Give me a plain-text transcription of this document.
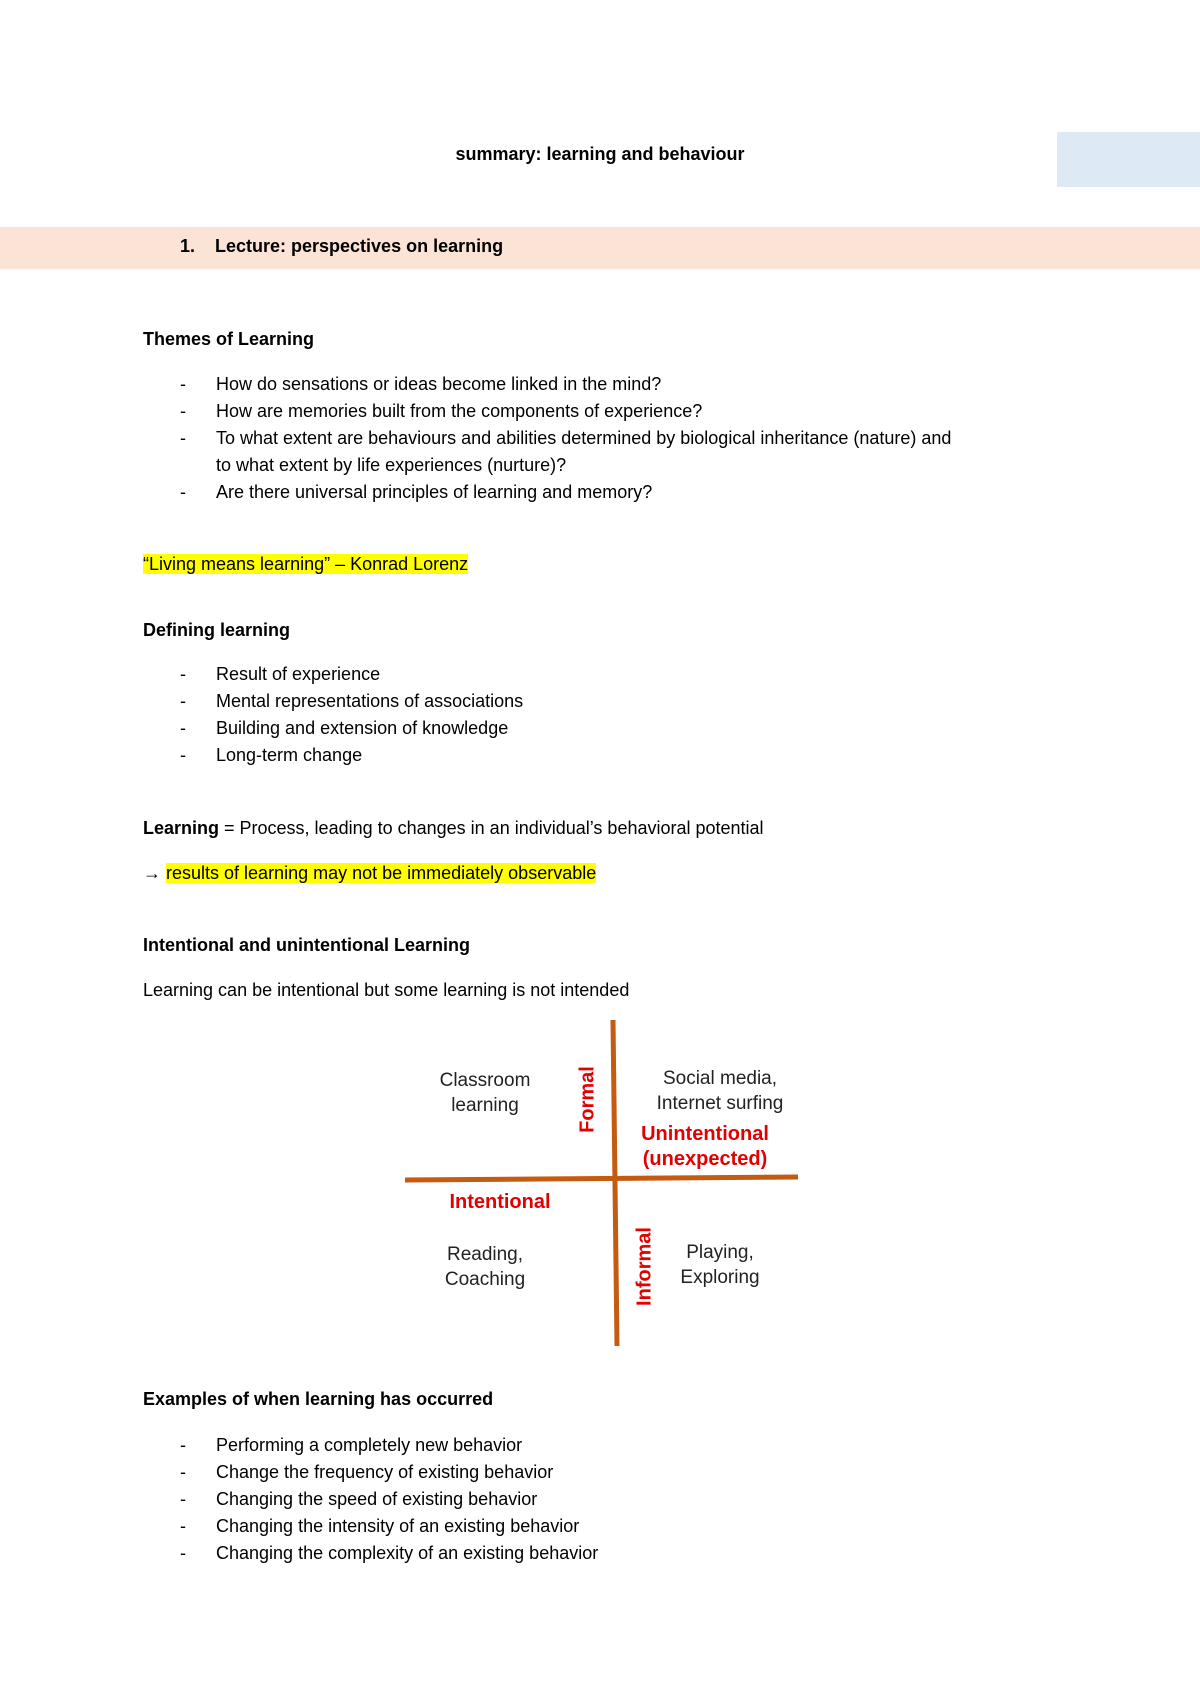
summary: learning and behaviour
1. Lecture: perspectives on learning
Themes of Learning
- How do sensations or ideas become linked in the mind?
- How are memories built from the components of experience?
- To what extent are behaviours and abilities determined by biological inheritance (nature) and
to what extent by life experiences (nurture)?
- Are there universal principles of learning and memory?
“Living means learning” – Konrad Lorenz
Defining learning
- Result of experience
- Mental representations of associations
- Building and extension of knowledge
- Long-term change
Learning = Process, leading to changes in an individual’s behavioral potential
→ results of learning may not be immediately observable
Intentional and unintentional Learning
Learning can be intentional but some learning is not intended
Classroom
learning
Social media,
Internet surfing
Reading,
Coaching
Playing,
Exploring
Formal
Informal
Unintentional
(unexpected)
Intentional
Examples of when learning has occurred
- Performing a completely new behavior
- Change the frequency of existing behavior
- Changing the speed of existing behavior
- Changing the intensity of an existing behavior
- Changing the complexity of an existing behavior
